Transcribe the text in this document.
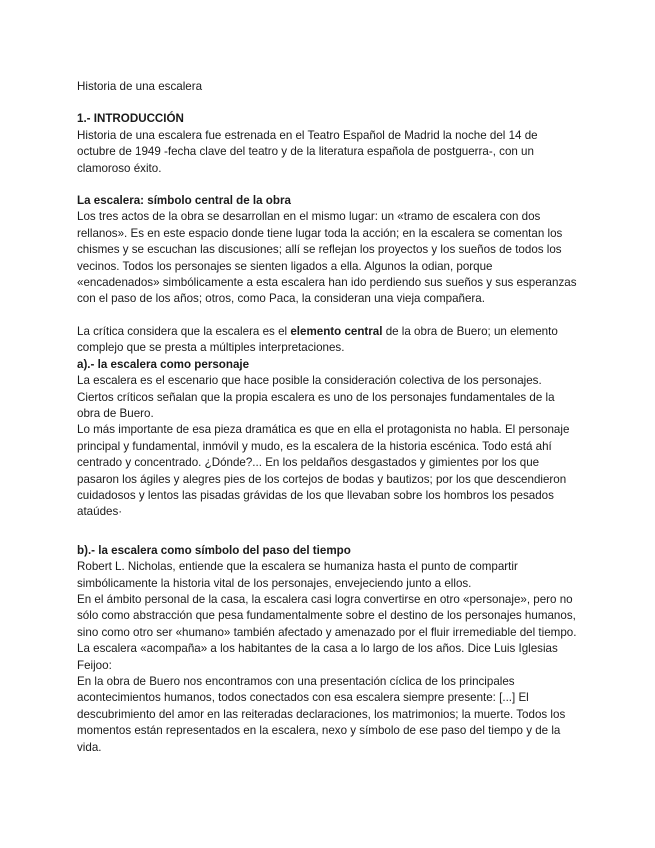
Historia de una escalera

1.- INTRODUCCIÓN

Historia de una escalera fue estrenada en el Teatro Español de Madrid la noche del 14 de octubre de 1949 -fecha clave del teatro y de la literatura española de postguerra-, con un clamoroso éxito.

La escalera: símbolo central de la obra

Los tres actos de la obra se desarrollan en el mismo lugar: un «tramo de escalera con dos rellanos». Es en este espacio donde tiene lugar toda la acción; en la escalera se comentan los chismes y se escuchan las discusiones; allí se reflejan los proyectos y los sueños de todos los vecinos. Todos los personajes se sienten ligados a ella. Algunos la odian, porque «encadenados» simbólicamente a esta escalera han ido perdiendo sus sueños y sus esperanzas con el paso de los años; otros, como Paca, la consideran una vieja compañera.

La crítica considera que la escalera es el elemento central de la obra de Buero; un elemento complejo que se presta a múltiples interpretaciones.

a).- la escalera como personaje

La escalera es el escenario que hace posible la consideración colectiva de los personajes. Ciertos críticos señalan que la propia escalera es uno de los personajes fundamentales de la obra de Buero.

Lo más importante de esa pieza dramática es que en ella el protagonista no habla. El personaje principal y fundamental, inmóvil y mudo, es la escalera de la historia escénica. Todo está ahí centrado y concentrado. ¿Dónde?... En los peldaños desgastados y gimientes por los que pasaron los ágiles y alegres pies de los cortejos de bodas y bautizos; por los que descendieron cuidadosos y lentos las pisadas grávidas de los que llevaban sobre los hombros los pesados ataúdes·

b).- la escalera como símbolo del paso del tiempo

Robert L. Nicholas, entiende que la escalera se humaniza hasta el punto de compartir simbólicamente la historia vital de los personajes, envejeciendo junto a ellos.

En el ámbito personal de la casa, la escalera casi logra convertirse en otro «personaje», pero no sólo como abstracción que pesa fundamentalmente sobre el destino de los personajes humanos, sino como otro ser «humano» también afectado y amenazado por el fluir irremediable del tiempo.

La escalera «acompaña» a los habitantes de la casa a lo largo de los años. Dice Luis Iglesias Feijoo:

En la obra de Buero nos encontramos con una presentación cíclica de los principales acontecimientos humanos, todos conectados con esa escalera siempre presente: [...] El descubrimiento del amor en las reiteradas declaraciones, los matrimonios; la muerte. Todos los momentos están representados en la escalera, nexo y símbolo de ese paso del tiempo y de la vida.
